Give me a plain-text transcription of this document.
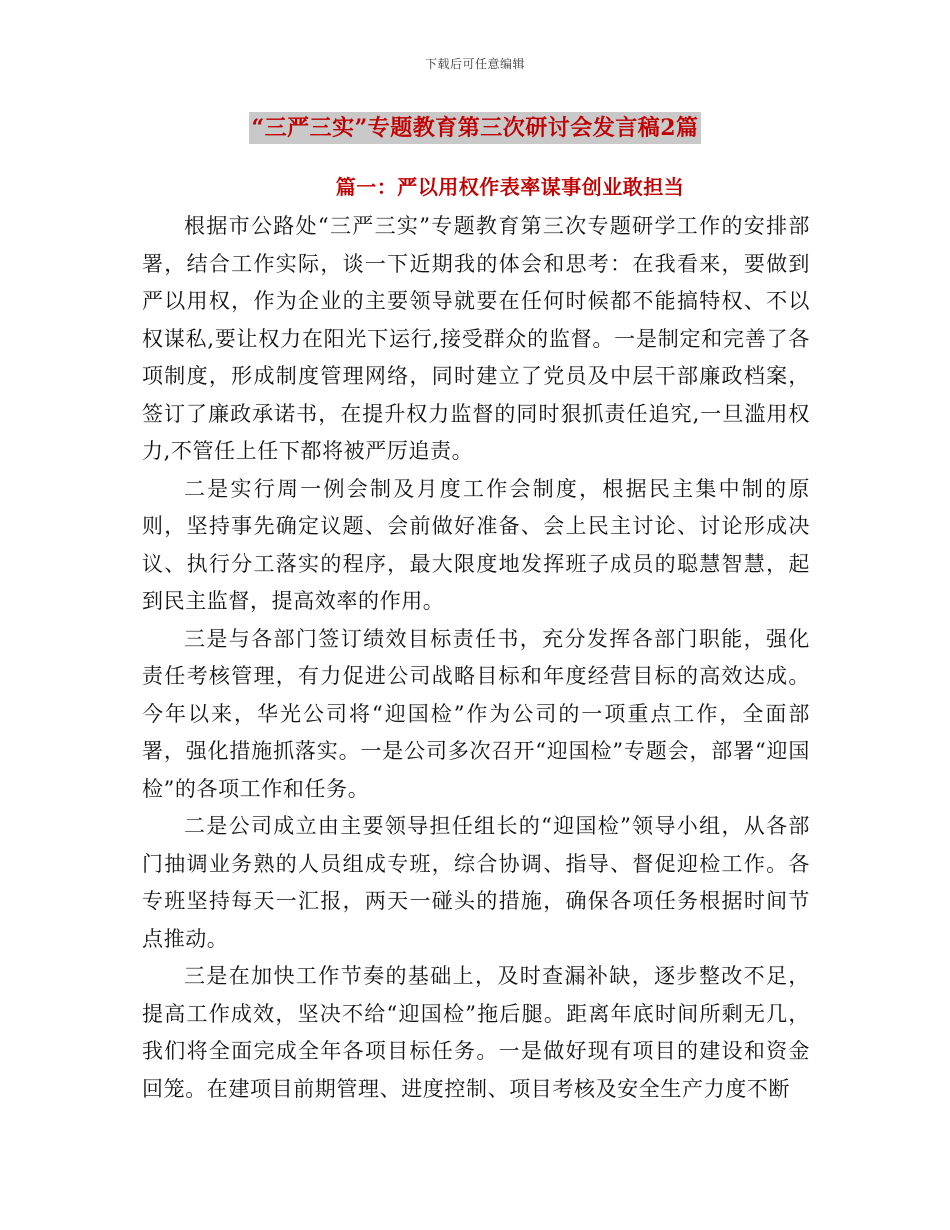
下载后可任意编辑
“三严三实”专题教育第三次研讨会发言稿2篇
篇一：严以用权作表率谋事创业敢担当

根据市公路处“三严三实”专题教育第三次专题研学工作的安排部署，结合工作实际，谈一下近期我的体会和思考：在我看来，要做到严以用权，作为企业的主要领导就要在任何时候都不能搞特权、不以权谋私,要让权力在阳光下运行,接受群众的监督。一是制定和完善了各项制度，形成制度管理网络，同时建立了党员及中层干部廉政档案，签订了廉政承诺书，在提升权力监督的同时狠抓责任追究,一旦滥用权力,不管任上任下都将被严厉追责。

二是实行周一例会制及月度工作会制度，根据民主集中制的原则，坚持事先确定议题、会前做好准备、会上民主讨论、讨论形成决议、执行分工落实的程序，最大限度地发挥班子成员的聪慧智慧，起到民主监督，提高效率的作用。

三是与各部门签订绩效目标责任书，充分发挥各部门职能，强化责任考核管理，有力促进公司战略目标和年度经营目标的高效达成。今年以来，华光公司将“迎国检”作为公司的一项重点工作，全面部署，强化措施抓落实。一是公司多次召开“迎国检”专题会，部署“迎国检”的各项工作和任务。

二是公司成立由主要领导担任组长的“迎国检”领导小组，从各部门抽调业务熟的人员组成专班，综合协调、指导、督促迎检工作。各专班坚持每天一汇报，两天一碰头的措施，确保各项任务根据时间节点推动。

三是在加快工作节奏的基础上，及时查漏补缺，逐步整改不足，提高工作成效，坚决不给“迎国检”拖后腿。距离年底时间所剩无几，我们将全面完成全年各项目标任务。一是做好现有项目的建设和资金回笼。在建项目前期管理、进度控制、项目考核及安全生产力度不断
